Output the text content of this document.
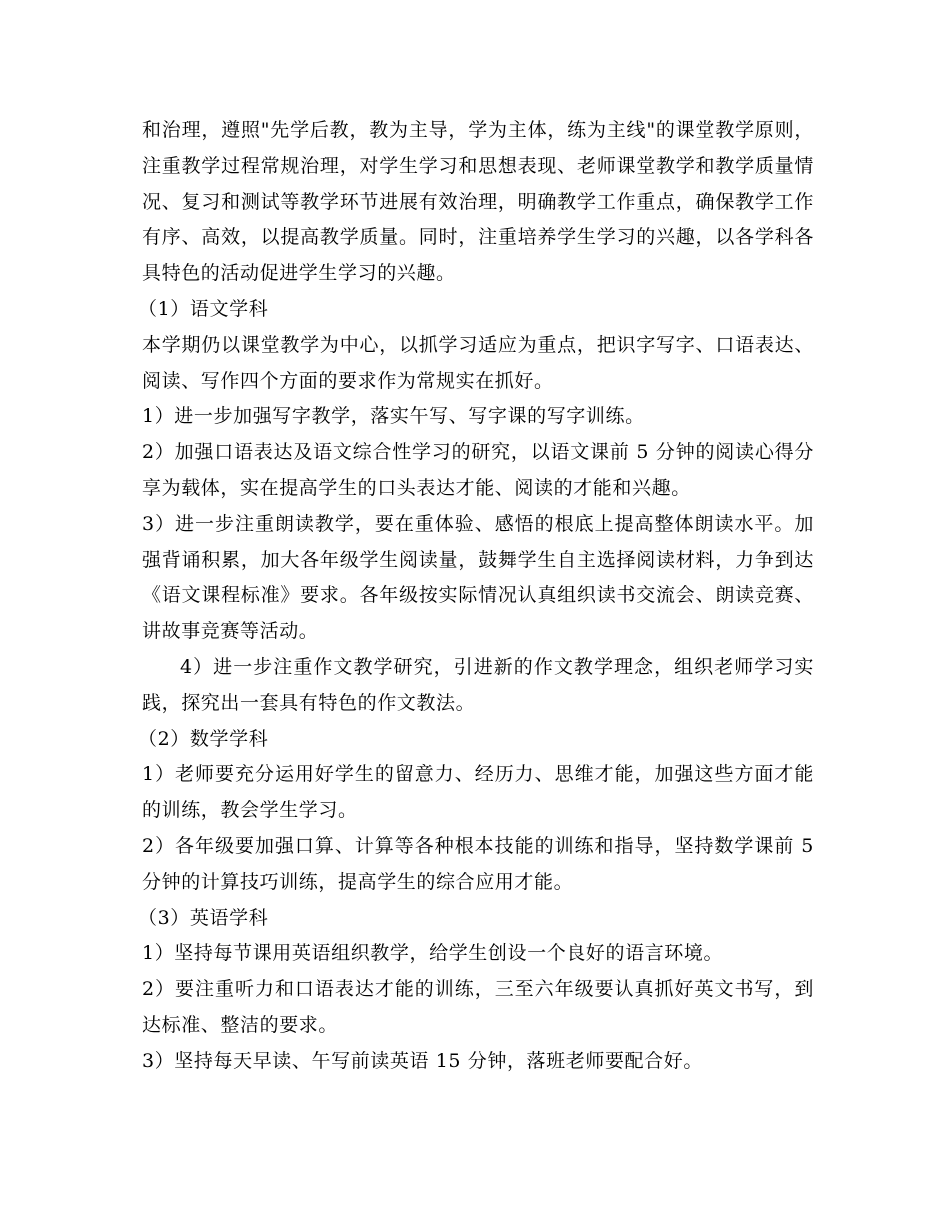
和治理，遵照"先学后教，教为主导，学为主体，练为主线"的课堂教学原则，注重教学过程常规治理，对学生学习和思想表现、老师课堂教学和教学质量情况、复习和测试等教学环节进展有效治理，明确教学工作重点，确保教学工作有序、高效，以提高教学质量。同时，注重培养学生学习的兴趣，以各学科各具特色的活动促进学生学习的兴趣。

（1）语文学科

本学期仍以课堂教学为中心，以抓学习适应为重点，把识字写字、口语表达、阅读、写作四个方面的要求作为常规实在抓好。

1）进一步加强写字教学，落实午写、写字课的写字训练。

2）加强口语表达及语文综合性学习的研究，以语文课前 5 分钟的阅读心得分享为载体，实在提高学生的口头表达才能、阅读的才能和兴趣。

3）进一步注重朗读教学，要在重体验、感悟的根底上提高整体朗读水平。加强背诵积累，加大各年级学生阅读量，鼓舞学生自主选择阅读材料，力争到达《语文课程标准》要求。各年级按实际情况认真组织读书交流会、朗读竞赛、讲故事竞赛等活动。

4）进一步注重作文教学研究，引进新的作文教学理念，组织老师学习实践，探究出一套具有特色的作文教法。

（2）数学学科

1）老师要充分运用好学生的留意力、经历力、思维才能，加强这些方面才能的训练，教会学生学习。

2）各年级要加强口算、计算等各种根本技能的训练和指导，坚持数学课前 5 分钟的计算技巧训练，提高学生的综合应用才能。

（3）英语学科

1）坚持每节课用英语组织教学，给学生创设一个良好的语言环境。

2）要注重听力和口语表达才能的训练，三至六年级要认真抓好英文书写，到达标准、整洁的要求。

3）坚持每天早读、午写前读英语 15 分钟，落班老师要配合好。
